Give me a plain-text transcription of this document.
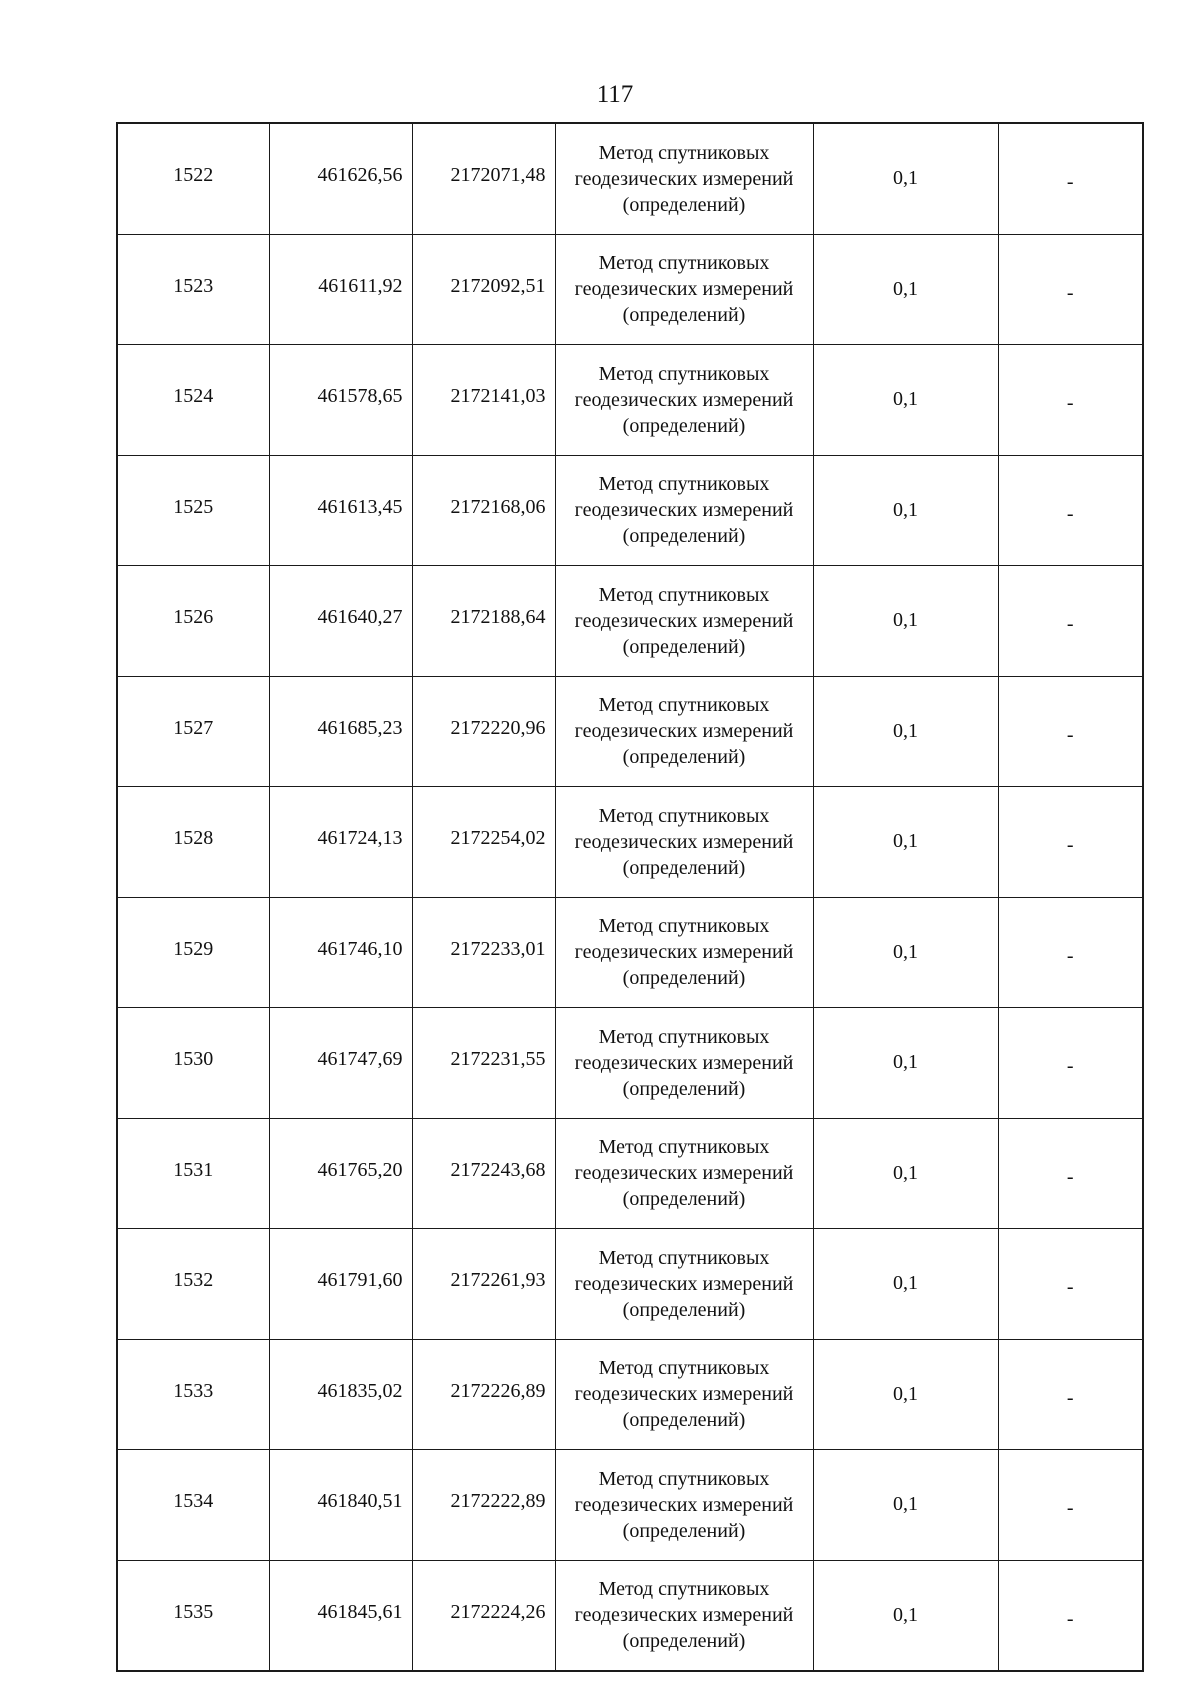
117
1522	461626,56	2172071,48	Метод спутниковых
геодезических измерений
(определений)	0,1	-
1523	461611,92	2172092,51	Метод спутниковых
геодезических измерений
(определений)	0,1	-
1524	461578,65	2172141,03	Метод спутниковых
геодезических измерений
(определений)	0,1	-
1525	461613,45	2172168,06	Метод спутниковых
геодезических измерений
(определений)	0,1	-
1526	461640,27	2172188,64	Метод спутниковых
геодезических измерений
(определений)	0,1	-
1527	461685,23	2172220,96	Метод спутниковых
геодезических измерений
(определений)	0,1	-
1528	461724,13	2172254,02	Метод спутниковых
геодезических измерений
(определений)	0,1	-
1529	461746,10	2172233,01	Метод спутниковых
геодезических измерений
(определений)	0,1	-
1530	461747,69	2172231,55	Метод спутниковых
геодезических измерений
(определений)	0,1	-
1531	461765,20	2172243,68	Метод спутниковых
геодезических измерений
(определений)	0,1	-
1532	461791,60	2172261,93	Метод спутниковых
геодезических измерений
(определений)	0,1	-
1533	461835,02	2172226,89	Метод спутниковых
геодезических измерений
(определений)	0,1	-
1534	461840,51	2172222,89	Метод спутниковых
геодезических измерений
(определений)	0,1	-
1535	461845,61	2172224,26	Метод спутниковых
геодезических измерений
(определений)	0,1	-
